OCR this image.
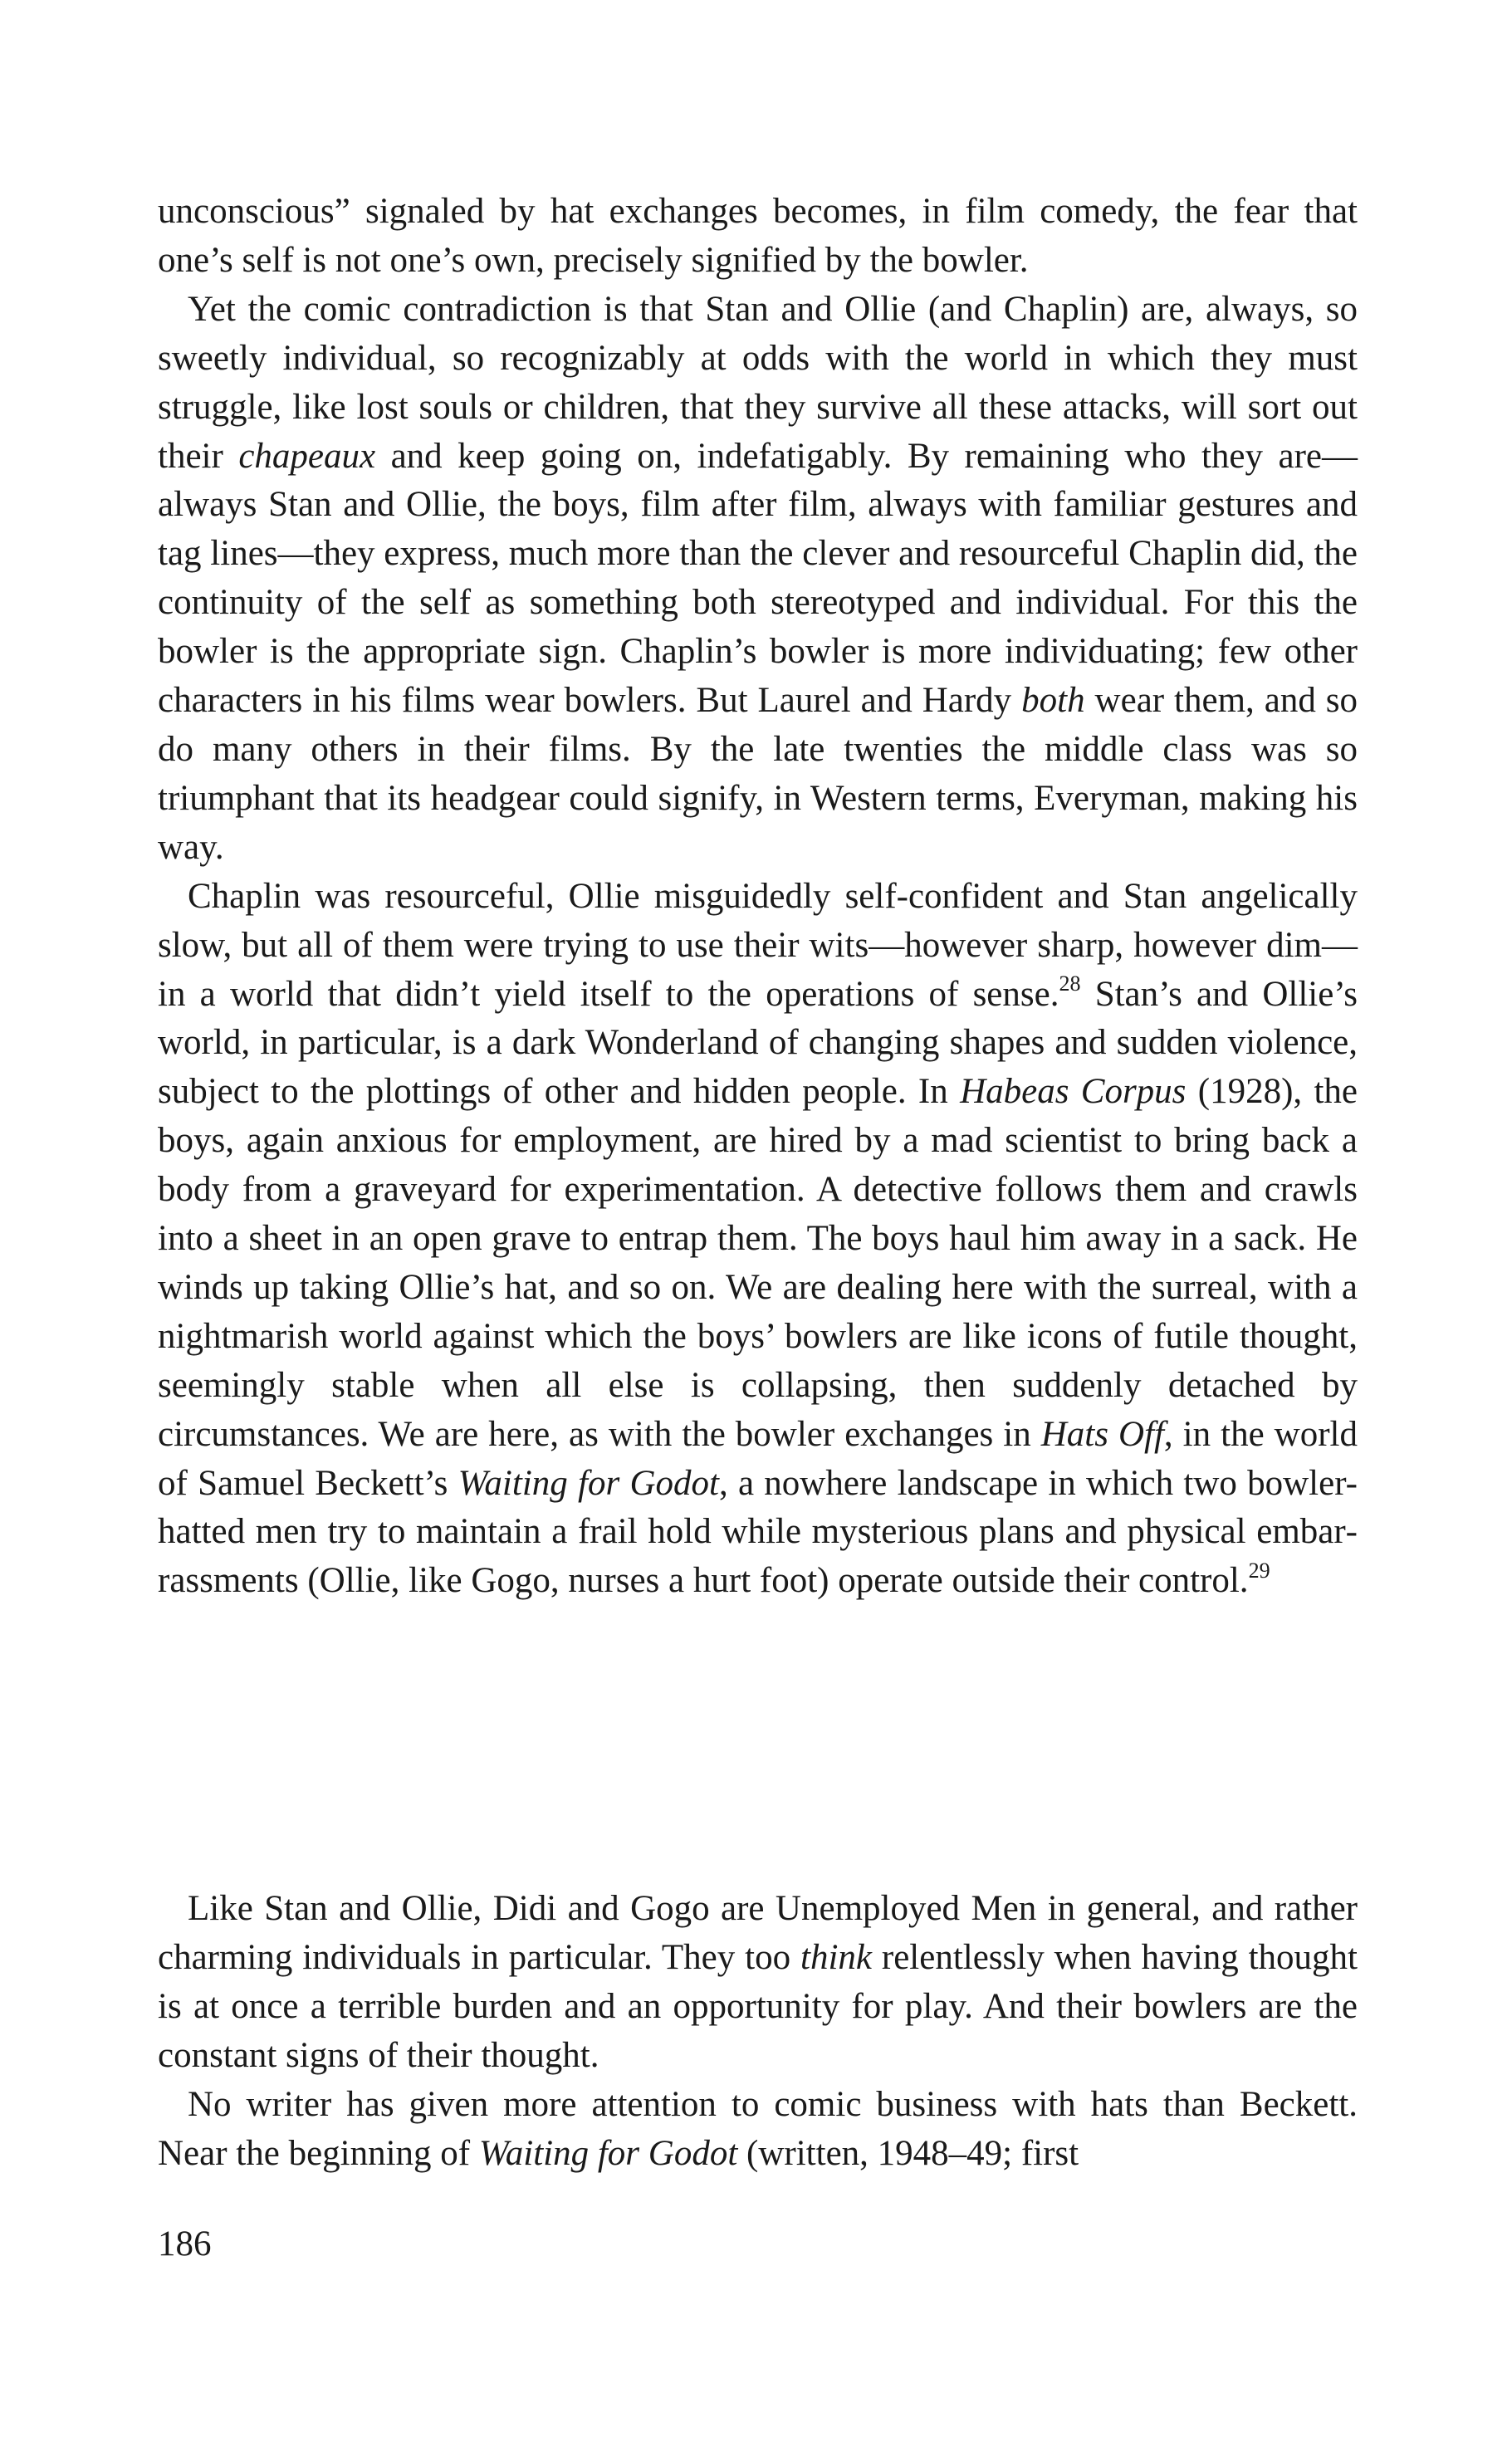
unconscious” signaled by hat exchanges becomes, in film comedy, the fear that one’s self is not one’s own, precisely signified by the bowler.

Yet the comic contradiction is that Stan and Ollie (and Chaplin) are, always, so sweetly individual, so recognizably at odds with the world in which they must struggle, like lost souls or children, that they survive all these attacks, will sort out their chapeaux and keep going on, indefatigably. By remaining who they are—always Stan and Ollie, the boys, film after film, always with familiar gestures and tag lines—they express, much more than the clever and resourceful Chaplin did, the continuity of the self as something both stereotyped and individual. For this the bowler is the appropriate sign. Chaplin’s bowler is more individuating; few other characters in his films wear bowlers. But Laurel and Hardy both wear them, and so do many others in their films. By the late twenties the middle class was so triumphant that its headgear could signify, in Western terms, Everyman, making his way.

Chaplin was resourceful, Ollie misguidedly self-confident and Stan angelically slow, but all of them were trying to use their wits—however sharp, however dim—in a world that didn’t yield itself to the operations of sense.$^{28}$ Stan’s and Ollie’s world, in particular, is a dark Wonderland of changing shapes and sudden violence, subject to the plottings of other and hidden people. In Habeas Corpus (1928), the boys, again anxious for employment, are hired by a mad scientist to bring back a body from a graveyard for experimentation. A detective follows them and crawls into a sheet in an open grave to entrap them. The boys haul him away in a sack. He winds up taking Ollie’s hat, and so on. We are dealing here with the surreal, with a nightmarish world against which the boys’ bowlers are like icons of futile thought, seemingly stable when all else is collapsing, then suddenly detached by circumstances. We are here, as with the bowler exchanges in Hats Off, in the world of Samuel Beckett’s Waiting for Godot, a nowhere landscape in which two bowler-hatted men try to maintain a frail hold while mysterious plans and physical embarrassments (Ollie, like Gogo, nurses a hurt foot) operate outside their control.$^{29}$

Like Stan and Ollie, Didi and Gogo are Unemployed Men in general, and rather charming individuals in particular. They too think relentlessly when having thought is at once a terrible burden and an opportunity for play. And their bowlers are the constant signs of their thought.

No writer has given more attention to comic business with hats than Beckett. Near the beginning of Waiting for Godot (written, 1948–49; first

186
